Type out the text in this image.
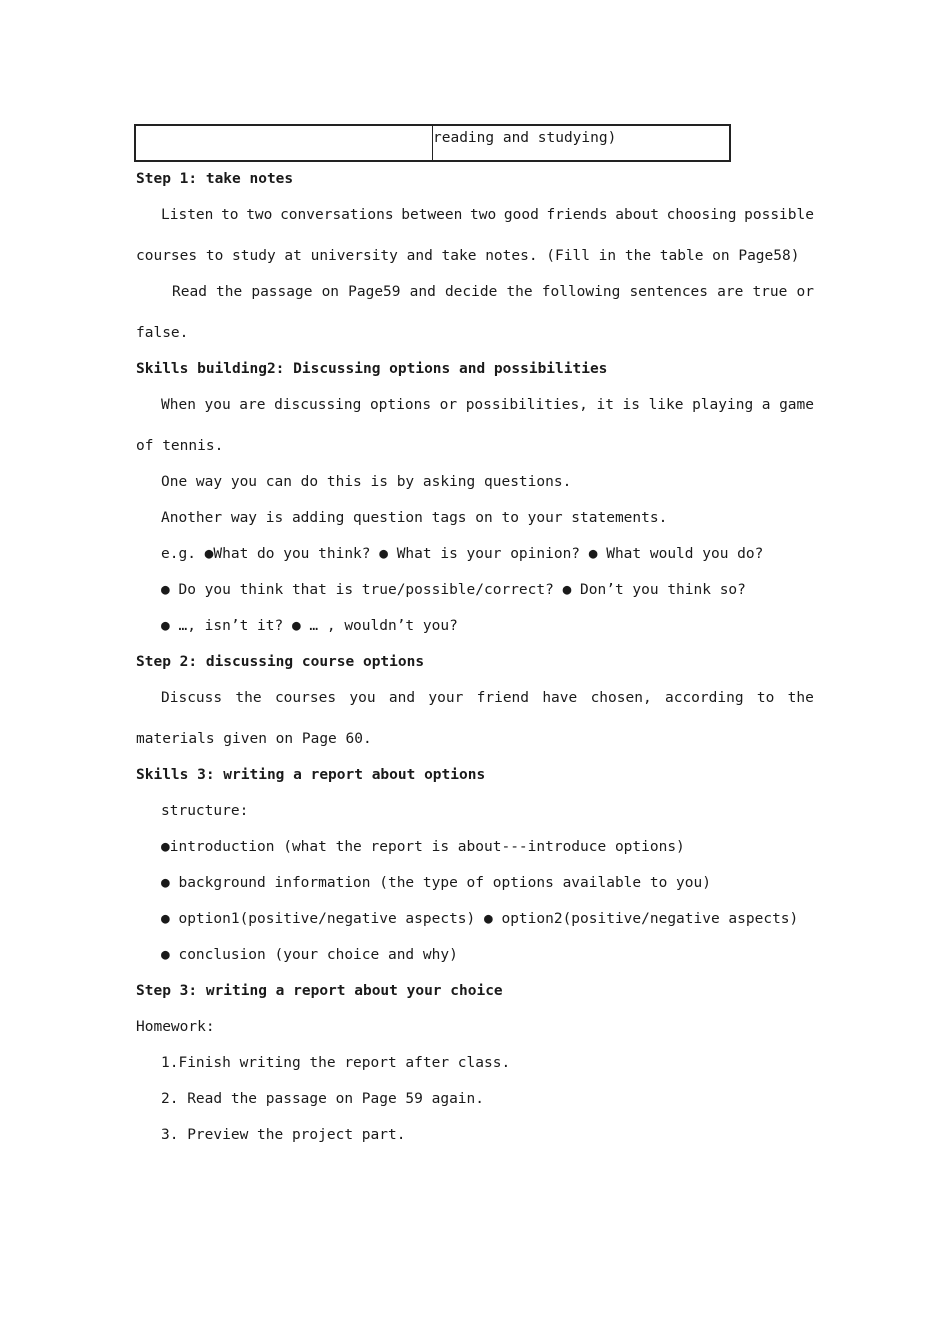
reading and studying)
Step 1: take notes
Listen to two conversations between two good friends about choosing possible
courses to study at university and take notes. (Fill in the table on Page58)
Read the passage on Page59 and decide the following sentences are true or
false.
Skills building2: Discussing options and possibilities
When you are discussing options or possibilities, it is like playing a game
of tennis.
One way you can do this is by asking questions.
Another way is adding question tags on to your statements.
e.g. ●What do you think? ● What is your opinion? ● What would you do?
● Do you think that is true/possible/correct? ● Don’t you think so?
● …, isn’t it? ● … , wouldn’t you?
Step 2: discussing course options
Discuss the courses you and your friend have chosen, according to the
materials given on Page 60.
Skills 3: writing a report about options
structure:
●introduction (what the report is about---introduce options)
● background information (the type of options available to you)
● option1(positive/negative aspects) ● option2(positive/negative aspects)
● conclusion (your choice and why)
Step 3: writing a report about your choice
Homework:
1.Finish writing the report after class.
2. Read the passage on Page 59 again.
3. Preview the project part.
